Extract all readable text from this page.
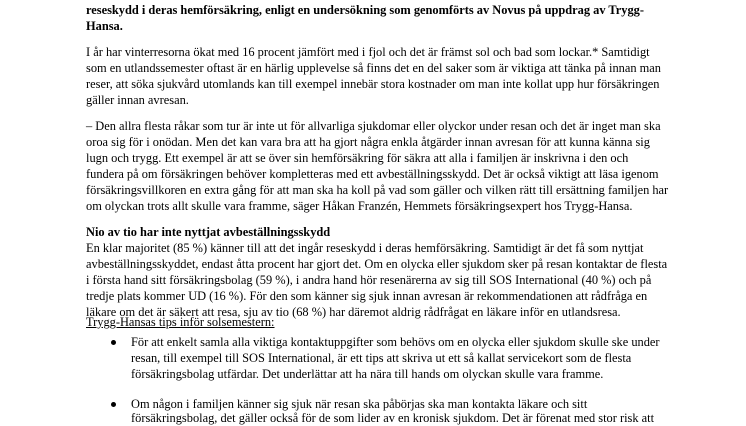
reseskydd i deras hemförsäkring, enligt en undersökning som genomförts av Novus på uppdrag av Trygg-
Hansa.
I år har vinterresorna ökat med 16 procent jämfört med i fjol och det är främst sol och bad som lockar.* Samtidigt
som en utlandssemester oftast är en härlig upplevelse så finns det en del saker som är viktiga att tänka på innan man
reser, att söka sjukvård utomlands kan till exempel innebär stora kostnader om man inte kollat upp hur försäkringen
gäller innan avresan.
– Den allra flesta råkar som tur är inte ut för allvarliga sjukdomar eller olyckor under resan och det är inget man ska
oroa sig för i onödan. Men det kan vara bra att ha gjort några enkla åtgärder innan avresan för att kunna känna sig
lugn och trygg. Ett exempel är att se över sin hemförsäkring för säkra att alla i familjen är inskrivna i den och
fundera på om försäkringen behöver kompletteras med ett avbeställningsskydd. Det är också viktigt att läsa igenom
försäkringsvillkoren en extra gång för att man ska ha koll på vad som gäller och vilken rätt till ersättning familjen har
om olyckan trots allt skulle vara framme, säger Håkan Franzén, Hemmets försäkringsexpert hos Trygg-Hansa.
Nio av tio har inte nyttjat avbeställningsskydd
En klar majoritet (85 %) känner till att det ingår reseskydd i deras hemförsäkring. Samtidigt är det få som nyttjat
avbeställningsskyddet, endast åtta procent har gjort det. Om en olycka eller sjukdom sker på resan kontaktar de flesta
i första hand sitt försäkringsbolag (59 %), i andra hand hör resenärerna av sig till SOS International (40 %) och på
tredje plats kommer UD (16 %). För den som känner sig sjuk innan avresan är rekommendationen att rådfråga en
läkare om det är säkert att resa, sju av tio (68 %) har däremot aldrig rådfrågat en läkare inför en utlandsresa.
Trygg-Hansas tips inför solsemestern:
För att enkelt samla alla viktiga kontaktuppgifter som behövs om en olycka eller sjukdom skulle ske under
resan, till exempel till SOS International, är ett tips att skriva ut ett så kallat servicekort som de flesta
försäkringsbolag utfärdar. Det underlättar att ha nära till hands om olyckan skulle vara framme.
Om någon i familjen känner sig sjuk när resan ska påbörjas ska man kontakta läkare och sitt
försäkringsbolag, det gäller också för de som lider av en kronisk sjukdom. Det är förenat med stor risk att
